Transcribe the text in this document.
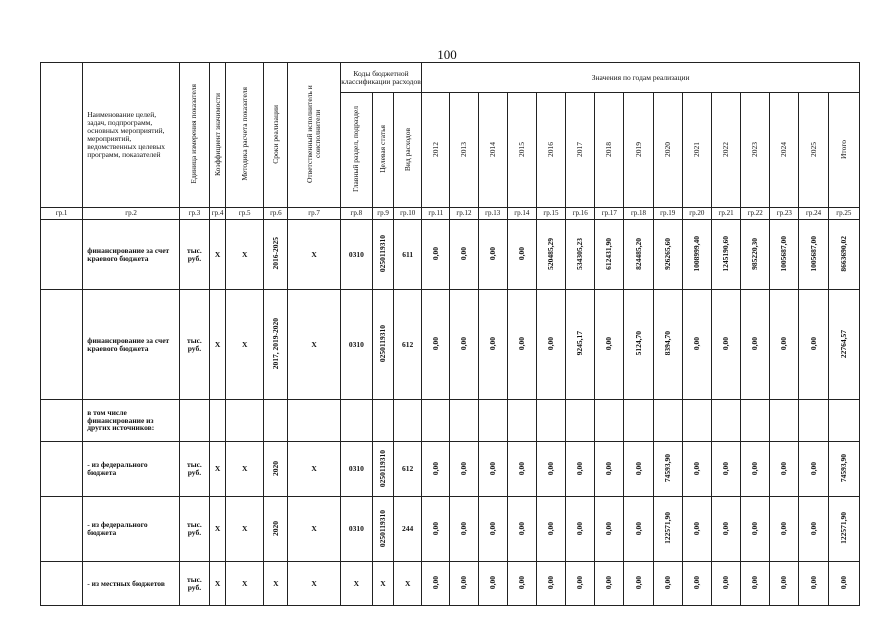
100
	Наименование целей, задач, подпрограмм, основных мероприятий, мероприятий, ведомственных целевых программ, показателей	Единица измерения показателя	Коэффициент значимости	Методика расчета показателя	Сроки реализации	Ответственный исполнитель и соисполнители	Коды бюджетной классификации расходов			Значения по годам реализации														
							Главный раздел, подраздел	Целевая статья	Вид расходов	2012	2013	2014	2015	2016	2017	2018	2019	2020	2021	2022	2023	2024	2025	Итого
гр.1	гр.2	гр.3	гр.4	гр.5	гр.6	гр.7	гр.8	гр.9	гр.10	гр.11	гр.12	гр.13	гр.14	гр.15	гр.16	гр.17	гр.18	гр.19	гр.20	гр.21	гр.22	гр.23	гр.24	гр.25
	финансирование за счет краевого бюджета	тыс. руб.	Х	Х	2016-2025	Х	0310	0250119310	611	0,00	0,00	0,00	0,00	520485,29	534305,23	612431,90	824485,20	926265,60	1008999,40	1245190,60	985220,30	1005687,00	1005687,00	8663690,02
	финансирование за счет краевого бюджета	тыс. руб.	Х	Х	2017, 2019-2020	Х	0310	0250119310	612	0,00	0,00	0,00	0,00	0,00	9245,17	0,00	5124,70	8394,70	0,00	0,00	0,00	0,00	0,00	22764,57
	в том числе финансирование из других источников:																							
	- из федерального бюджета	тыс. руб.	Х	Х	2020	Х	0310	0250119310	612	0,00	0,00	0,00	0,00	0,00	0,00	0,00	0,00	74593,90	0,00	0,00	0,00	0,00	0,00	74593,90
	- из федерального бюджета	тыс. руб.	Х	Х	2020	Х	0310	0250119310	244	0,00	0,00	0,00	0,00	0,00	0,00	0,00	0,00	122571,90	0,00	0,00	0,00	0,00	0,00	122571,90
	- из местных бюджетов	тыс. руб.	Х	Х	Х	Х	Х	Х	Х	0,00	0,00	0,00	0,00	0,00	0,00	0,00	0,00	0,00	0,00	0,00	0,00	0,00	0,00	0,00
